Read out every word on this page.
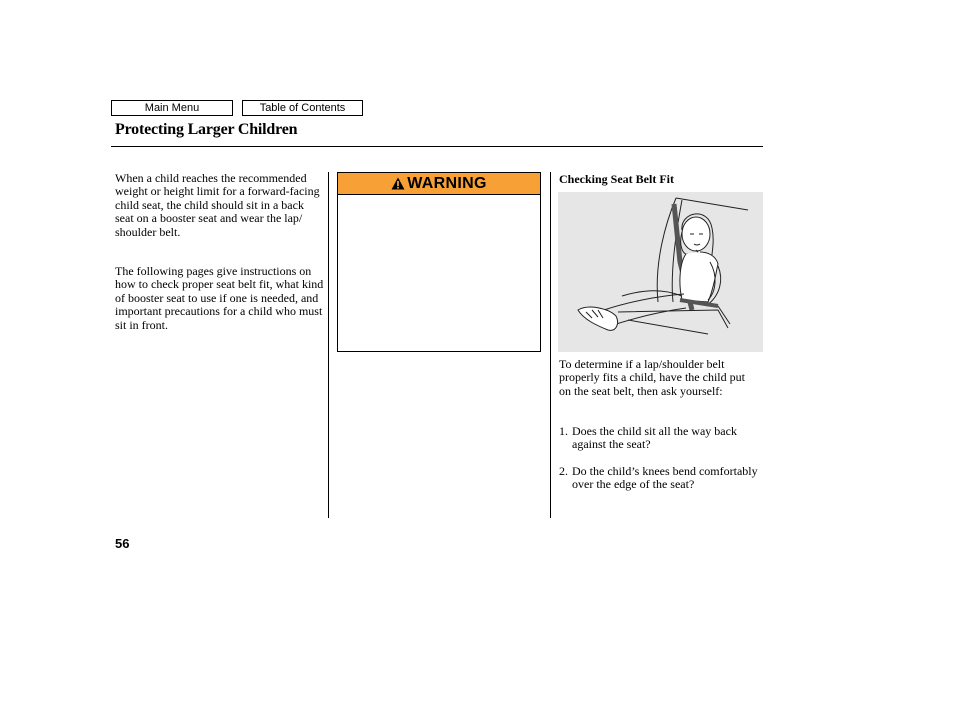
Main Menu	Table of Contents
Protecting Larger Children

When a child reaches the recommended weight or height limit for a forward-facing child seat, the child should sit in a back seat on a booster seat and wear the lap/ shoulder belt.

The following pages give instructions on how to check proper seat belt fit, what kind of booster seat to use if one is needed, and important precautions for a child who must sit in front.

WARNING	Checking Seat Belt Fit

To determine if a lap/shoulder belt properly fits a child, have the child put on the seat belt, then ask yourself:

1. Does the child sit all the way back against the seat?
2. Do the child’s knees bend comfortably over the edge of the seat?

56
